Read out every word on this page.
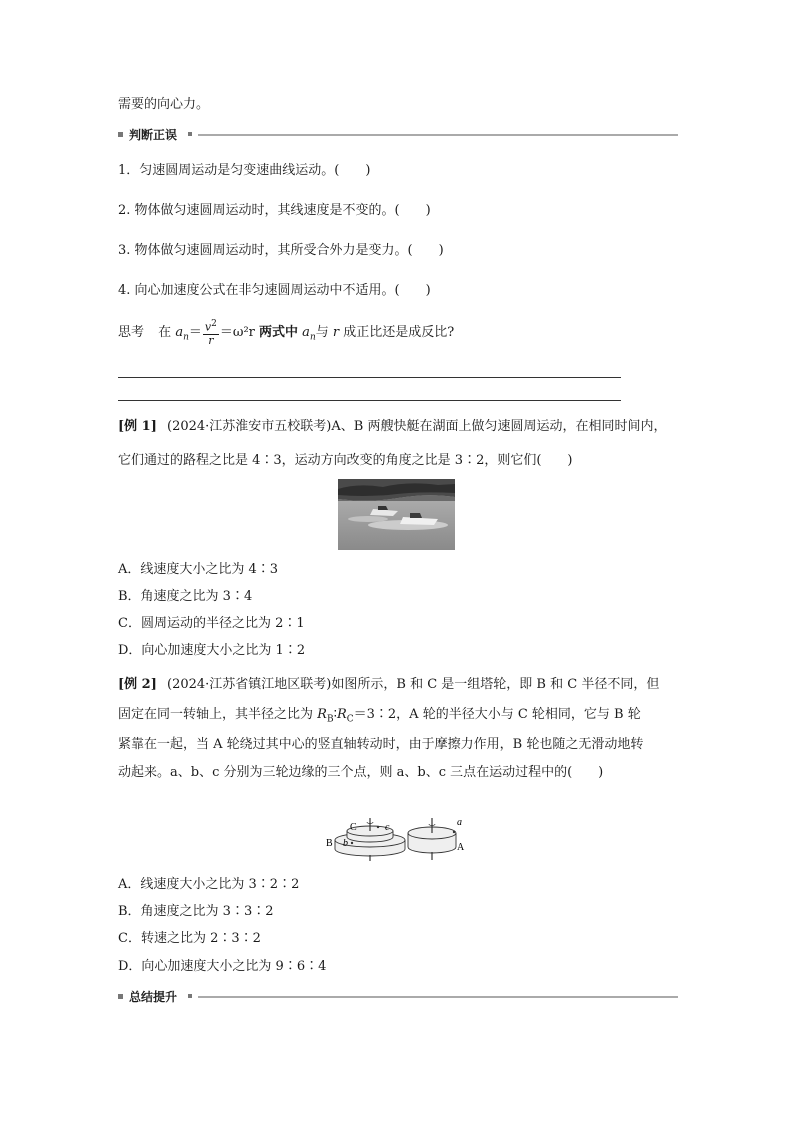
需要的向心力。
判断正误
1．匀速圆周运动是匀变速曲线运动。(　　)
2. 物体做匀速圆周运动时，其线速度是不变的。(　　)
3. 物体做匀速圆周运动时，其所受合外力是变力。(　　)
4. 向心加速度公式在非匀速圆周运动中不适用。(　　)
思考 在 $a_n= \frac{v^2}{r} =\omega^2r$ 两式中 $a_n$与 r 成正比还是成反比?
[例 1] (2024·江苏淮安市五校联考)A、B 两艘快艇在湖面上做匀速圆周运动，在相同时间内，
它们通过的路程之比是 4∶3，运动方向改变的角度之比是 3∶2，则它们(　　)
A．线速度大小之比为 4∶3
B．角速度之比为 3∶4
C．圆周运动的半径之比为 2∶1
D．向心加速度大小之比为 1∶2
[例 2] (2024·江苏省镇江地区联考)如图所示，B 和 C 是一组塔轮，即 B 和 C 半径不同，但
固定在同一转轴上，其半径之比为 $R_B∶R_C=3∶2$，A 轮的半径大小与 C 轮相同，它与 B 轮
紧靠在一起，当 A 轮绕过其中心的竖直轴转动时，由于摩擦力作用，B 轮也随之无滑动地转
动起来。a、b、c 分别为三轮边缘的三个点，则 a、b、c 三点在运动过程中的(　　)
C	c
B b
a
A
A．线速度大小之比为 3∶2∶2
B．角速度之比为 3∶3∶2
C．转速之比为 2∶3∶2
D．向心加速度大小之比为 9∶6∶4
总结提升
